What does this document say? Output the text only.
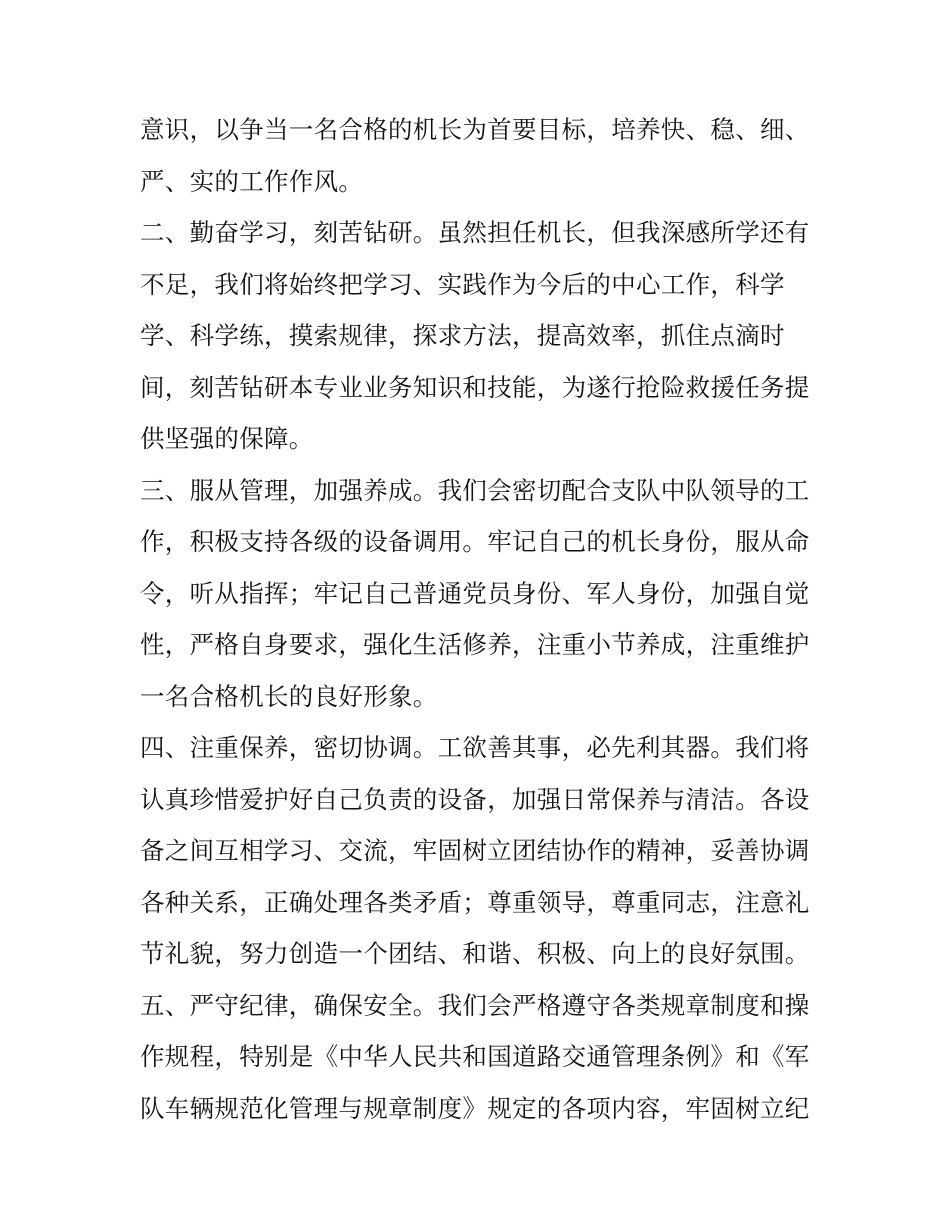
意识，以争当一名合格的机长为首要目标，培养快、稳、细、
严、实的工作作风。
二、勤奋学习，刻苦钻研。虽然担任机长，但我深感所学还有
不足，我们将始终把学习、实践作为今后的中心工作，科学
学、科学练，摸索规律，探求方法，提高效率，抓住点滴时
间，刻苦钻研本专业业务知识和技能，为遂行抢险救援任务提
供坚强的保障。
三、服从管理，加强养成。我们会密切配合支队中队领导的工
作，积极支持各级的设备调用。牢记自己的机长身份，服从命
令，听从指挥；牢记自己普通党员身份、军人身份，加强自觉
性，严格自身要求，强化生活修养，注重小节养成，注重维护
一名合格机长的良好形象。
四、注重保养，密切协调。工欲善其事，必先利其器。我们将
认真珍惜爱护好自己负责的设备，加强日常保养与清洁。各设
备之间互相学习、交流，牢固树立团结协作的精神，妥善协调
各种关系，正确处理各类矛盾；尊重领导，尊重同志，注意礼
节礼貌，努力创造一个团结、和谐、积极、向上的良好氛围。
五、严守纪律，确保安全。我们会严格遵守各类规章制度和操
作规程，特别是《中华人民共和国道路交通管理条例》和《军
队车辆规范化管理与规章制度》规定的各项内容，牢固树立纪
